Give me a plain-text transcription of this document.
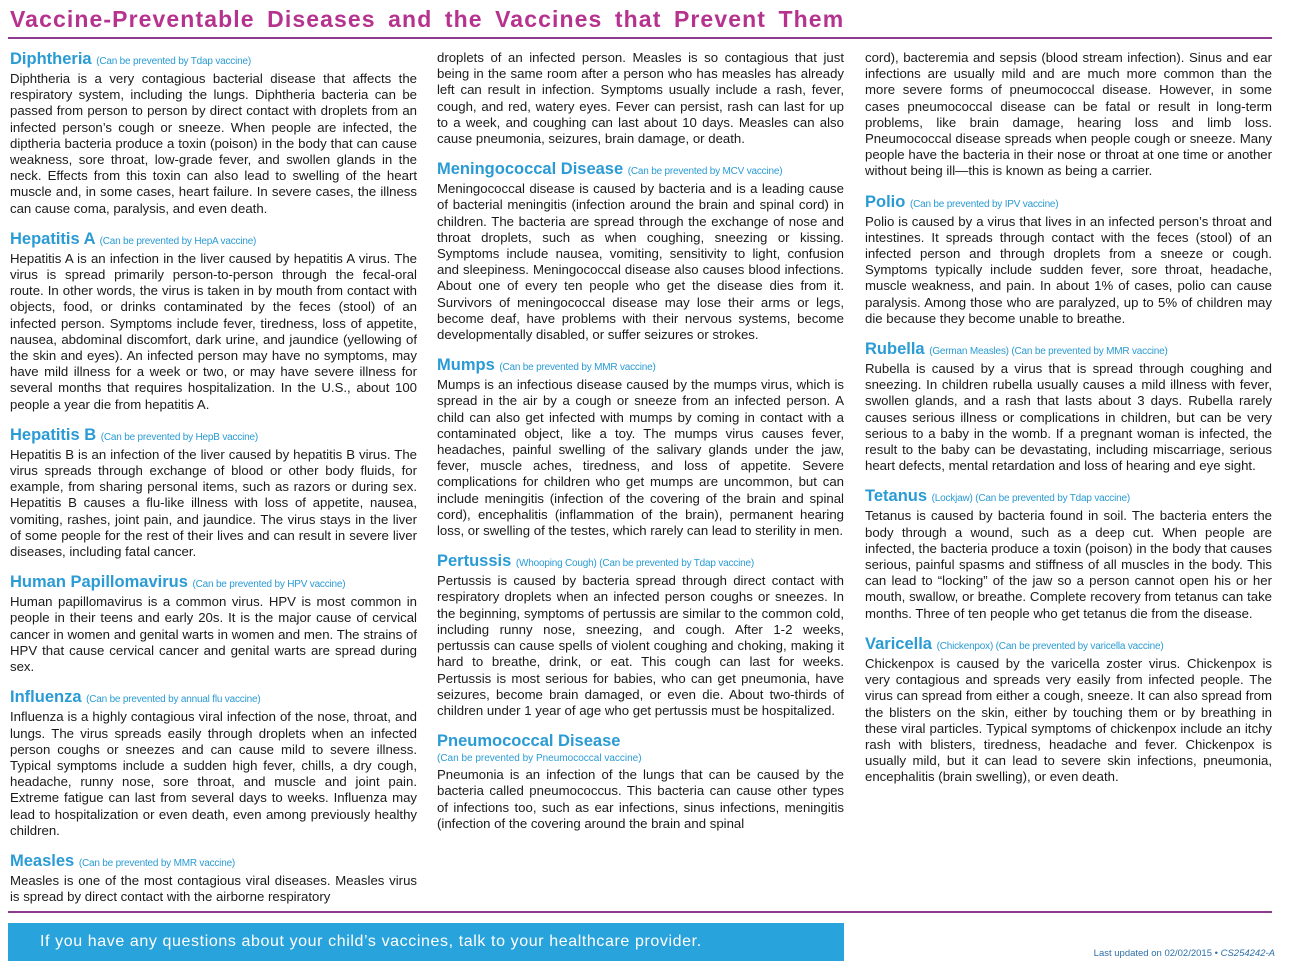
Vaccine-Preventable Diseases and the Vaccines that Prevent Them
Diphtheria (Can be prevented by Tdap vaccine)

Diphtheria is a very contagious bacterial disease that affects the respiratory system, including the lungs. Diphtheria bacteria can be passed from person to person by direct contact with droplets from an infected person’s cough or sneeze. When people are infected, the diptheria bacteria produce a toxin (poison) in the body that can cause weakness, sore throat, low-grade fever, and swollen glands in the neck. Effects from this toxin can also lead to swelling of the heart muscle and, in some cases, heart failure. In severe cases, the illness can cause coma, paralysis, and even death.

Hepatitis A (Can be prevented by HepA vaccine)

Hepatitis A is an infection in the liver caused by hepatitis A virus. The virus is spread primarily person-to-person through the fecal-oral route. In other words, the virus is taken in by mouth from contact with objects, food, or drinks contaminated by the feces (stool) of an infected person. Symptoms include fever, tiredness, loss of appetite, nausea, abdominal discomfort, dark urine, and jaundice (yellowing of the skin and eyes). An infected person may have no symptoms, may have mild illness for a week or two, or may have severe illness for several months that requires hospitalization. In the U.S., about 100 people a year die from hepatitis A.

Hepatitis B (Can be prevented by HepB vaccine)

Hepatitis B is an infection of the liver caused by hepatitis B virus. The virus spreads through exchange of blood or other body fluids, for example, from sharing personal items, such as razors or during sex. Hepatitis B causes a flu-like illness with loss of appetite, nausea, vomiting, rashes, joint pain, and jaundice. The virus stays in the liver of some people for the rest of their lives and can result in severe liver diseases, including fatal cancer.

Human Papillomavirus (Can be prevented by HPV vaccine)

Human papillomavirus is a common virus. HPV is most common in people in their teens and early 20s. It is the major cause of cervical cancer in women and genital warts in women and men. The strains of HPV that cause cervical cancer and genital warts are spread during sex.

Influenza (Can be prevented by annual flu vaccine)

Influenza is a highly contagious viral infection of the nose, throat, and lungs. The virus spreads easily through droplets when an infected person coughs or sneezes and can cause mild to severe illness. Typical symptoms include a sudden high fever, chills, a dry cough, headache, runny nose, sore throat, and muscle and joint pain. Extreme fatigue can last from several days to weeks. Influenza may lead to hospitalization or even death, even among previously healthy children.

Measles (Can be prevented by MMR vaccine)

Measles is one of the most contagious viral diseases. Measles virus is spread by direct contact with the airborne respiratory

droplets of an infected person. Measles is so contagious that just being in the same room after a person who has measles has already left can result in infection. Symptoms usually include a rash, fever, cough, and red, watery eyes. Fever can persist, rash can last for up to a week, and coughing can last about 10 days. Measles can also cause pneumonia, seizures, brain damage, or death.

Meningococcal Disease (Can be prevented by MCV vaccine)

Meningococcal disease is caused by bacteria and is a leading cause of bacterial meningitis (infection around the brain and spinal cord) in children. The bacteria are spread through the exchange of nose and throat droplets, such as when coughing, sneezing or kissing. Symptoms include nausea, vomiting, sensitivity to light, confusion and sleepiness. Meningococcal disease also causes blood infections. About one of every ten people who get the disease dies from it. Survivors of meningococcal disease may lose their arms or legs, become deaf, have problems with their nervous systems, become developmentally disabled, or suffer seizures or strokes.

Mumps (Can be prevented by MMR vaccine)

Mumps is an infectious disease caused by the mumps virus, which is spread in the air by a cough or sneeze from an infected person. A child can also get infected with mumps by coming in contact with a contaminated object, like a toy. The mumps virus causes fever, headaches, painful swelling of the salivary glands under the jaw, fever, muscle aches, tiredness, and loss of appetite. Severe complications for children who get mumps are uncommon, but can include meningitis (infection of the covering of the brain and spinal cord), encephalitis (inflammation of the brain), permanent hearing loss, or swelling of the testes, which rarely can lead to sterility in men.

Pertussis (Whooping Cough) (Can be prevented by Tdap vaccine)

Pertussis is caused by bacteria spread through direct contact with respiratory droplets when an infected person coughs or sneezes. In the beginning, symptoms of pertussis are similar to the common cold, including runny nose, sneezing, and cough. After 1-2 weeks, pertussis can cause spells of violent coughing and choking, making it hard to breathe, drink, or eat. This cough can last for weeks. Pertussis is most serious for babies, who can get pneumonia, have seizures, become brain damaged, or even die. About two-thirds of children under 1 year of age who get pertussis must be hospitalized.

Pneumococcal Disease
(Can be prevented by Pneumococcal vaccine)

Pneumonia is an infection of the lungs that can be caused by the bacteria called pneumococcus. This bacteria can cause other types of infections too, such as ear infections, sinus infections, meningitis (infection of the covering around the brain and spinal

cord), bacteremia and sepsis (blood stream infection). Sinus and ear infections are usually mild and are much more common than the more severe forms of pneumococcal disease. However, in some cases pneumococcal disease can be fatal or result in long-term problems, like brain damage, hearing loss and limb loss. Pneumococcal disease spreads when people cough or sneeze. Many people have the bacteria in their nose or throat at one time or another without being ill—this is known as being a carrier.

Polio (Can be prevented by IPV vaccine)

Polio is caused by a virus that lives in an infected person’s throat and intestines. It spreads through contact with the feces (stool) of an infected person and through droplets from a sneeze or cough. Symptoms typically include sudden fever, sore throat, headache, muscle weakness, and pain. In about 1% of cases, polio can cause paralysis. Among those who are paralyzed, up to 5% of children may die because they become unable to breathe.

Rubella (German Measles) (Can be prevented by MMR vaccine)

Rubella is caused by a virus that is spread through coughing and sneezing. In children rubella usually causes a mild illness with fever, swollen glands, and a rash that lasts about 3 days. Rubella rarely causes serious illness or complications in children, but can be very serious to a baby in the womb. If a pregnant woman is infected, the result to the baby can be devastating, including miscarriage, serious heart defects, mental retardation and loss of hearing and eye sight.

Tetanus (Lockjaw) (Can be prevented by Tdap vaccine)

Tetanus is caused by bacteria found in soil. The bacteria enters the body through a wound, such as a deep cut. When people are infected, the bacteria produce a toxin (poison) in the body that causes serious, painful spasms and stiffness of all muscles in the body. This can lead to “locking” of the jaw so a person cannot open his or her mouth, swallow, or breathe. Complete recovery from tetanus can take months. Three of ten people who get tetanus die from the disease.

Varicella (Chickenpox) (Can be prevented by varicella vaccine)

Chickenpox is caused by the varicella zoster virus. Chickenpox is very contagious and spreads very easily from infected people. The virus can spread from either a cough, sneeze. It can also spread from the blisters on the skin, either by touching them or by breathing in these viral particles. Typical symptoms of chickenpox include an itchy rash with blisters, tiredness, headache and fever. Chickenpox is usually mild, but it can lead to severe skin infections, pneumonia, encephalitis (brain swelling), or even death.

If you have any questions about your child’s vaccines, talk to your healthcare provider.
Last updated on 02/02/2015 • CS254242-A
